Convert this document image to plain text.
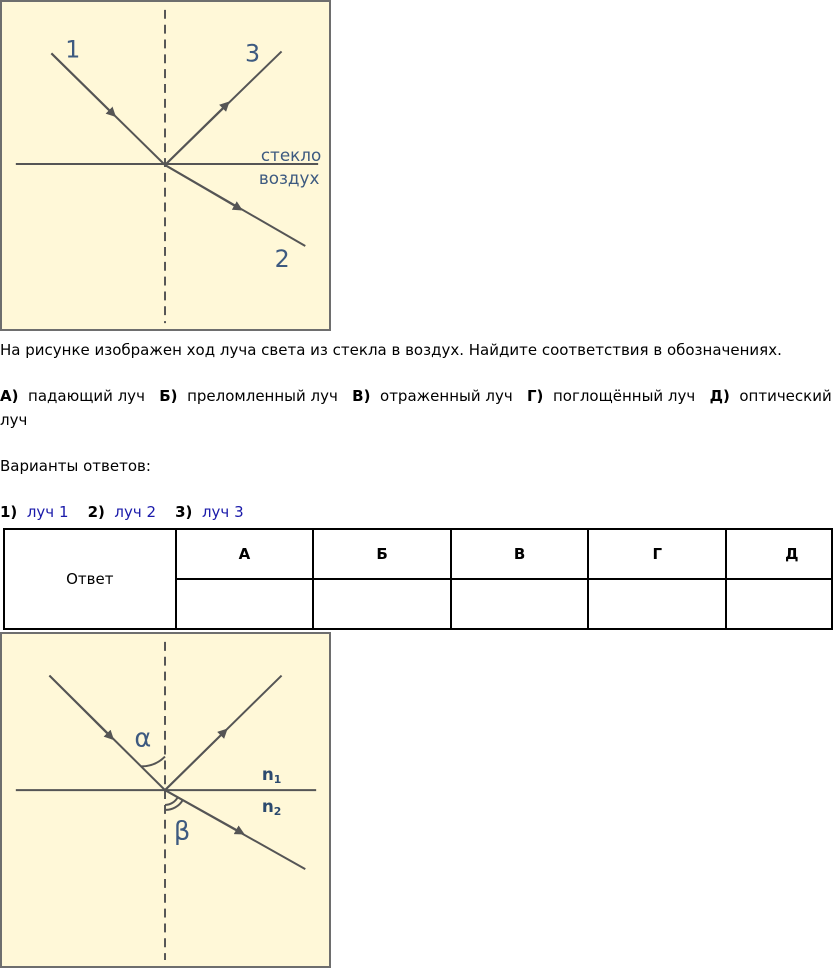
1	3
2
стекло
воздух
На рисунке изображен ход луча света из стекла в воздух. Найдите соответствия в обозначениях.
А) падающий луч Б) преломленный луч В) отраженный луч Г) поглощённый луч Д) оптический
луч
Варианты ответов:
1) луч 1 2) луч 2 3) луч 3
Ответ	А	Б	В	Г	Д

α
β
n1
n2
